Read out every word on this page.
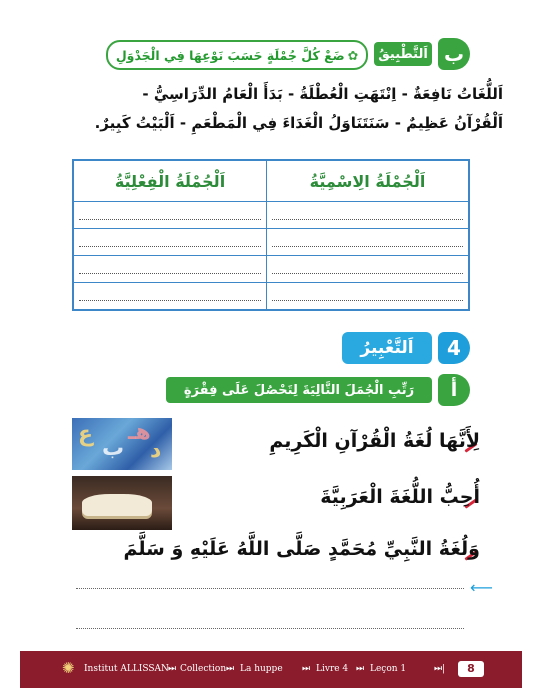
ب
اَلتَّطْبِيقُ
✿
ضَعْ كُلَّ جُمْلَةٍ حَسَبَ نَوْعِهَا فِي الْجَدْوَلِ
اَللُّغَاتُ نَافِعَةٌ - اِنْتَهَتِ الْعُطْلَةُ - بَدَأَ الْعَامُ الدِّرَاسِيُّ -
اَلْقُرْآنُ عَظِيمٌ - سَنَتَنَاوَلُ الْغَدَاءَ فِي الْمَطْعَمِ - اَلْبَيْتُ كَبِيرٌ.
اَلْجُمْلَةُ الِاسْمِيَّةُ	اَلْجُمْلَةُ الْفِعْلِيَّةُ

4
اَلتَّعْبِيرُ
أ
رَتِّبِ الْجُمَلَ التَّالِيَةَ لِتَحْصُلَ عَلَى فِقْرَةٍ
ع
ب
هـ
د	لِأَنَّهَا لُغَةُ الْقُرْآنِ الْكَرِيمِ
أُحِبُّ اللُّغَةَ الْعَرَبِيَّةَ
وَلُغَةُ النَّبِيِّ مُحَمَّدٍ صَلَّى اللَّهُ عَلَيْهِ وَ سَلَّمَ
⟵
✺	Institut ALLISSAN ⏭ Collection ⏭ La huppe ⏭ Livre 4 ⏭ Leçon 1	⏭|	8
